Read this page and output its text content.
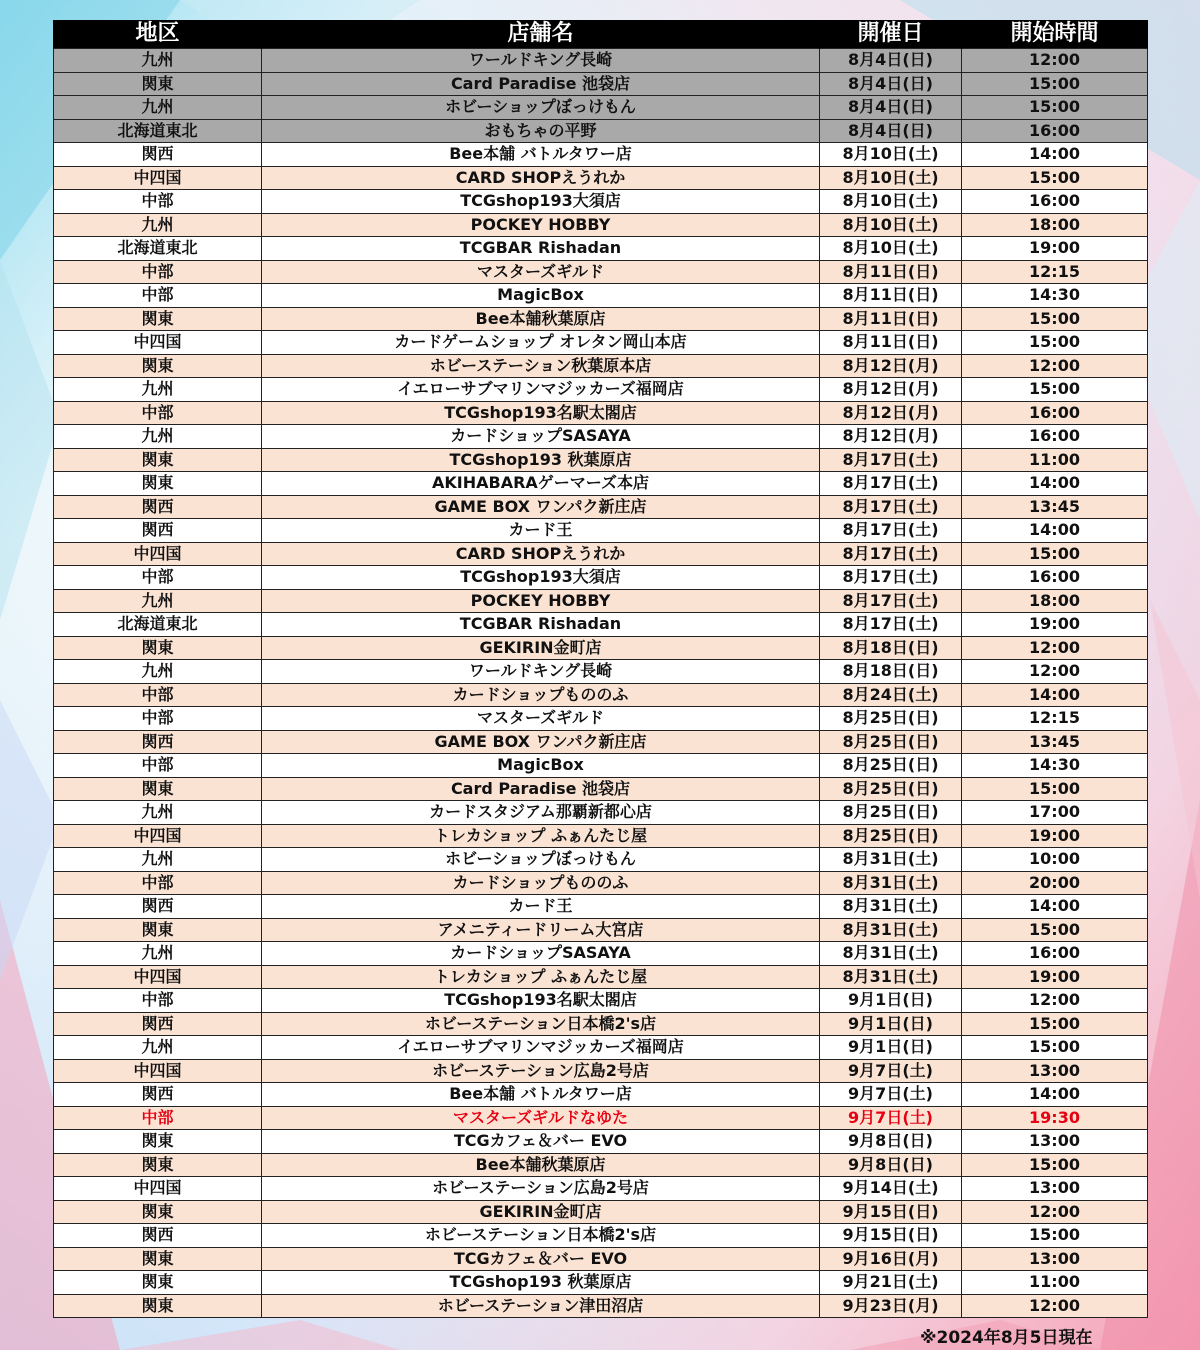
地区	店舗名	開催日	開始時間
九州	ワールドキング長崎	8月4日(日)	12:00
関東	Card Paradise 池袋店	8月4日(日)	15:00
九州	ホビーショップぼっけもん	8月4日(日)	15:00
北海道東北	おもちゃの平野	8月4日(日)	16:00
関西	Bee本舗 バトルタワー店	8月10日(土)	14:00
中四国	CARD SHOPえうれか	8月10日(土)	15:00
中部	TCGshop193大須店	8月10日(土)	16:00
九州	POCKEY HOBBY	8月10日(土)	18:00
北海道東北	TCGBAR Rishadan	8月10日(土)	19:00
中部	マスターズギルド	8月11日(日)	12:15
中部	MagicBox	8月11日(日)	14:30
関東	Bee本舗秋葉原店	8月11日(日)	15:00
中四国	カードゲームショップ オレタン岡山本店	8月11日(日)	15:00
関東	ホビーステーション秋葉原本店	8月12日(月)	12:00
九州	イエローサブマリンマジッカーズ福岡店	8月12日(月)	15:00
中部	TCGshop193名駅太閤店	8月12日(月)	16:00
九州	カードショップSASAYA	8月12日(月)	16:00
関東	TCGshop193 秋葉原店	8月17日(土)	11:00
関東	AKIHABARAゲーマーズ本店	8月17日(土)	14:00
関西	GAME BOX ワンパク新庄店	8月17日(土)	13:45
関西	カード王	8月17日(土)	14:00
中四国	CARD SHOPえうれか	8月17日(土)	15:00
中部	TCGshop193大須店	8月17日(土)	16:00
九州	POCKEY HOBBY	8月17日(土)	18:00
北海道東北	TCGBAR Rishadan	8月17日(土)	19:00
関東	GEKIRIN金町店	8月18日(日)	12:00
九州	ワールドキング長崎	8月18日(日)	12:00
中部	カードショップもののふ	8月24日(土)	14:00
中部	マスターズギルド	8月25日(日)	12:15
関西	GAME BOX ワンパク新庄店	8月25日(日)	13:45
中部	MagicBox	8月25日(日)	14:30
関東	Card Paradise 池袋店	8月25日(日)	15:00
九州	カードスタジアム那覇新都心店	8月25日(日)	17:00
中四国	トレカショップ ふぁんたじ屋	8月25日(日)	19:00
九州	ホビーショップぼっけもん	8月31日(土)	10:00
中部	カードショップもののふ	8月31日(土)	20:00
関西	カード王	8月31日(土)	14:00
関東	アメニティードリーム大宮店	8月31日(土)	15:00
九州	カードショップSASAYA	8月31日(土)	16:00
中四国	トレカショップ ふぁんたじ屋	8月31日(土)	19:00
中部	TCGshop193名駅太閤店	9月1日(日)	12:00
関西	ホビーステーション日本橋2's店	9月1日(日)	15:00
九州	イエローサブマリンマジッカーズ福岡店	9月1日(日)	15:00
中四国	ホビーステーション広島2号店	9月7日(土)	13:00
関西	Bee本舗 バトルタワー店	9月7日(土)	14:00
中部	マスターズギルドなゆた	9月7日(土)	19:30
関東	TCGカフェ＆バー EVO	9月8日(日)	13:00
関東	Bee本舗秋葉原店	9月8日(日)	15:00
中四国	ホビーステーション広島2号店	9月14日(土)	13:00
関東	GEKIRIN金町店	9月15日(日)	12:00
関西	ホビーステーション日本橋2's店	9月15日(日)	15:00
関東	TCGカフェ＆バー EVO	9月16日(月)	13:00
関東	TCGshop193 秋葉原店	9月21日(土)	11:00
関東	ホビーステーション津田沼店	9月23日(月)	12:00
※2024年8月5日現在
